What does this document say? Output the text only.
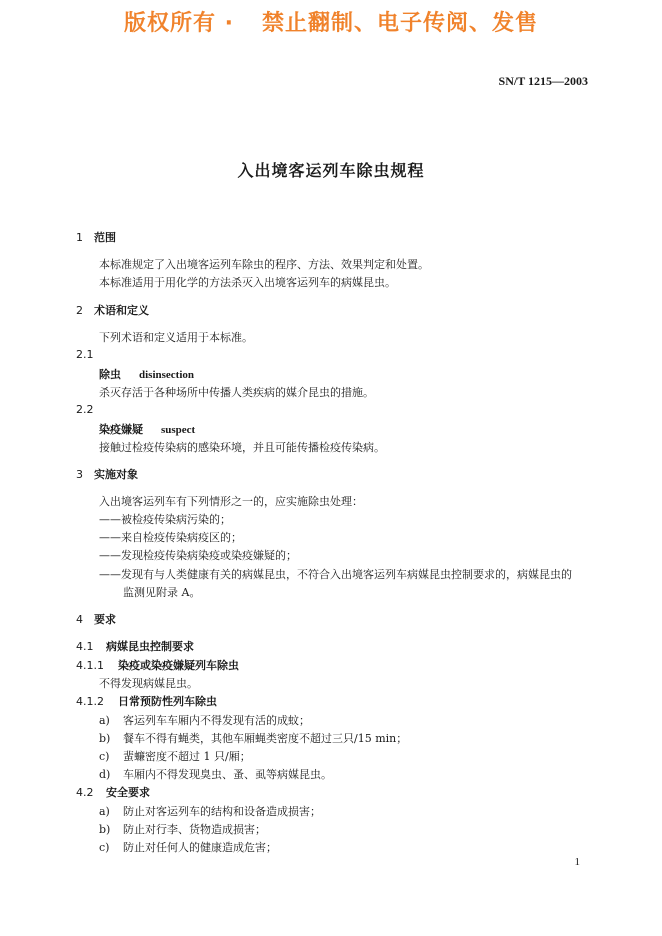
版权所有 · 禁止翻制、电子传阅、发售
SN/T 1215—2003
入出境客运列车除虫规程
1 范围
本标准规定了入出境客运列车除虫的程序、方法、效果判定和处置。
本标准适用于用化学的方法杀灭入出境客运列车的病媒昆虫。
2 术语和定义
下列术语和定义适用于本标准。
2.1
除虫 disinsection
杀灭存活于各种场所中传播人类疾病的媒介昆虫的措施。
2.2
染疫嫌疑 suspect
接触过检疫传染病的感染环境，并且可能传播检疫传染病。
3 实施对象
入出境客运列车有下列情形之一的，应实施除虫处理：
——被检疫传染病污染的；
——来自检疫传染病疫区的；
——发现检疫传染病染疫或染疫嫌疑的；
——发现有与人类健康有关的病媒昆虫，不符合入出境客运列车病媒昆虫控制要求的，病媒昆虫的
监测见附录 A。
4 要求
4.1 病媒昆虫控制要求
4.1.1 染疫或染疫嫌疑列车除虫
不得发现病媒昆虫。
4.1.2 日常预防性列车除虫
a) 客运列车车厢内不得发现有活的成蚊；
b) 餐车不得有蝇类，其他车厢蝇类密度不超过三只/15 min；
c) 蜚蠊密度不超过 1 只/厢；
d) 车厢内不得发现臭虫、蚤、虱等病媒昆虫。
4.2 安全要求
a) 防止对客运列车的结构和设备造成损害；
b) 防止对行李、货物造成损害；
c) 防止对任何人的健康造成危害；
1
